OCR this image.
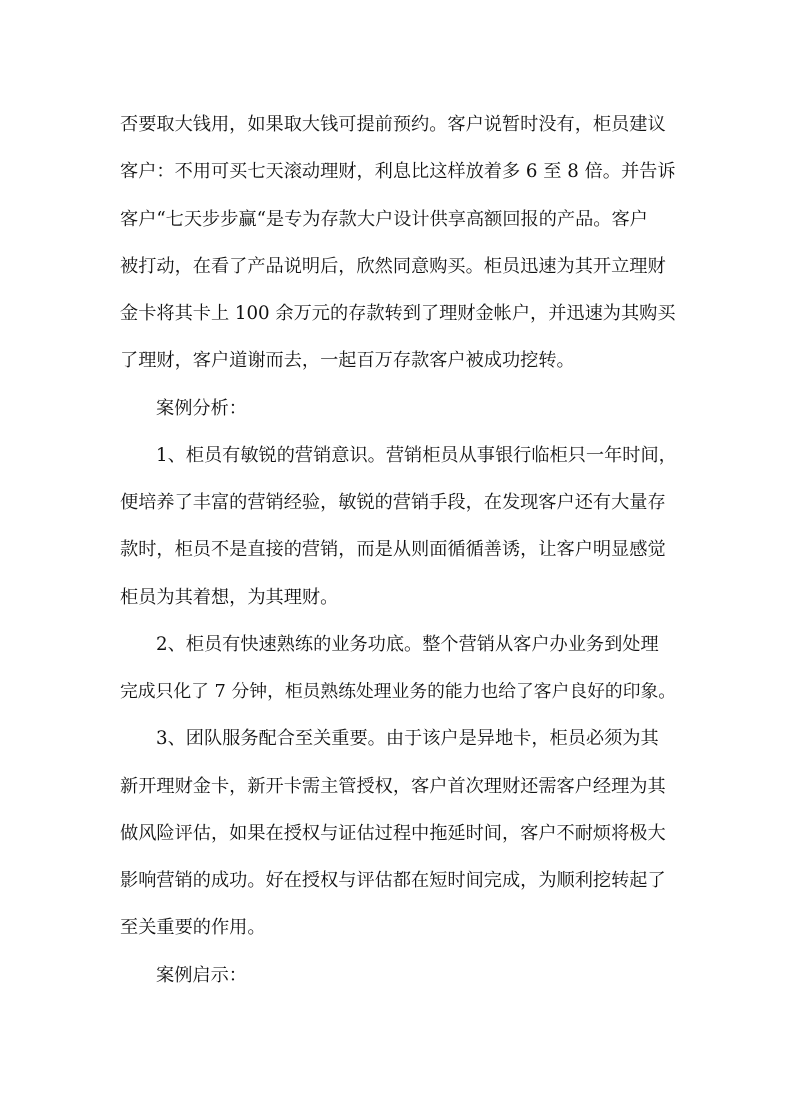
否要取大钱用，如果取大钱可提前预约。客户说暂时没有，柜员建议
客户：不用可买七天滚动理财，利息比这样放着多 6 至 8 倍。并告诉
客户“七天步步赢“是专为存款大户设计供享高额回报的产品。客户
被打动，在看了产品说明后，欣然同意购买。柜员迅速为其开立理财
金卡将其卡上 100 余万元的存款转到了理财金帐户，并迅速为其购买
了理财，客户道谢而去，一起百万存款客户被成功挖转。
案例分析：
1、柜员有敏锐的营销意识。营销柜员从事银行临柜只一年时间，
便培养了丰富的营销经验，敏锐的营销手段，在发现客户还有大量存
款时，柜员不是直接的营销，而是从则面循循善诱，让客户明显感觉
柜员为其着想，为其理财。
2、柜员有快速熟练的业务功底。整个营销从客户办业务到处理
完成只化了 7 分钟，柜员熟练处理业务的能力也给了客户良好的印象。
3、团队服务配合至关重要。由于该户是异地卡，柜员必须为其
新开理财金卡，新开卡需主管授权，客户首次理财还需客户经理为其
做风险评估，如果在授权与证估过程中拖延时间，客户不耐烦将极大
影响营销的成功。好在授权与评估都在短时间完成，为顺利挖转起了
至关重要的作用。
案例启示：
